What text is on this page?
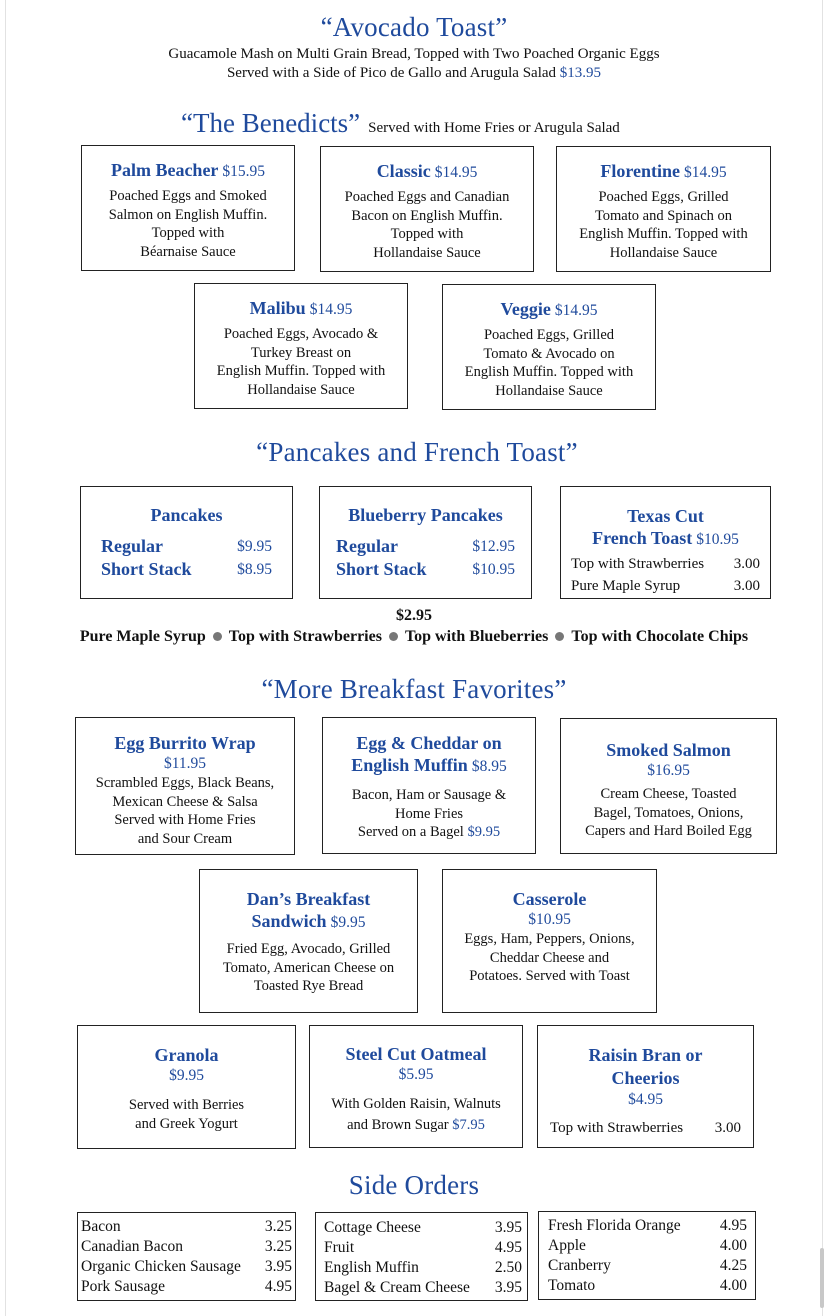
“Avocado Toast”
Guacamole Mash on Multi Grain Bread, Topped with Two Poached Organic Eggs
Served with a Side of Pico de Gallo and Arugula Salad $13.95
“The Benedicts” Served with Home Fries or Arugula Salad
Palm Beacher $15.95
Poached Eggs and Smoked
Salmon on English Muffin.
Topped with
Béarnaise Sauce
Classic $14.95
Poached Eggs and Canadian
Bacon on English Muffin.
Topped with
Hollandaise Sauce
Florentine $14.95
Poached Eggs, Grilled
Tomato and Spinach on
English Muffin. Topped with
Hollandaise Sauce
Malibu $14.95
Poached Eggs, Avocado &
Turkey Breast on
English Muffin. Topped with
Hollandaise Sauce
Veggie $14.95
Poached Eggs, Grilled
Tomato & Avocado on
English Muffin. Topped with
Hollandaise Sauce
“Pancakes and French Toast”
Pancakes
Regular	$9.95
Short Stack	$8.95
Blueberry Pancakes
Regular	$12.95
Short Stack	$10.95
Texas Cut
French Toast $10.95
Top with Strawberries 3.00
Pure Maple Syrup	3.00
$2.95
Pure Maple Syrup Top with Strawberries Top with Blueberries Top with Chocolate Chips
“More Breakfast Favorites”
Egg Burrito Wrap
$11.95
Scrambled Eggs, Black Beans,
Mexican Cheese & Salsa
Served with Home Fries
and Sour Cream
Egg & Cheddar on
English Muffin $8.95
Bacon, Ham or Sausage &
Home Fries
Served on a Bagel $9.95
Smoked Salmon
$16.95
Cream Cheese, Toasted
Bagel, Tomatoes, Onions,
Capers and Hard Boiled Egg
Dan’s Breakfast
Sandwich $9.95
Fried Egg, Avocado, Grilled
Tomato, American Cheese on
Toasted Rye Bread
Casserole
$10.95
Eggs, Ham, Peppers, Onions,
Cheddar Cheese and
Potatoes. Served with Toast
Granola
$9.95
Served with Berries
and Greek Yogurt
Steel Cut Oatmeal
$5.95
With Golden Raisin, Walnuts
and Brown Sugar $7.95
Raisin Bran or
Cheerios
$4.95
Top with Strawberries 3.00
Side Orders
Bacon	3.25
Canadian Bacon	3.25
Organic Chicken Sausage 3.95
Pork Sausage	4.95
Cottage Cheese	3.95
Fruit	4.95
English Muffin	2.50
Bagel & Cream Cheese 3.95
Fresh Florida Orange	4.95
Apple	4.00
Cranberry	4.25
Tomato	4.00
